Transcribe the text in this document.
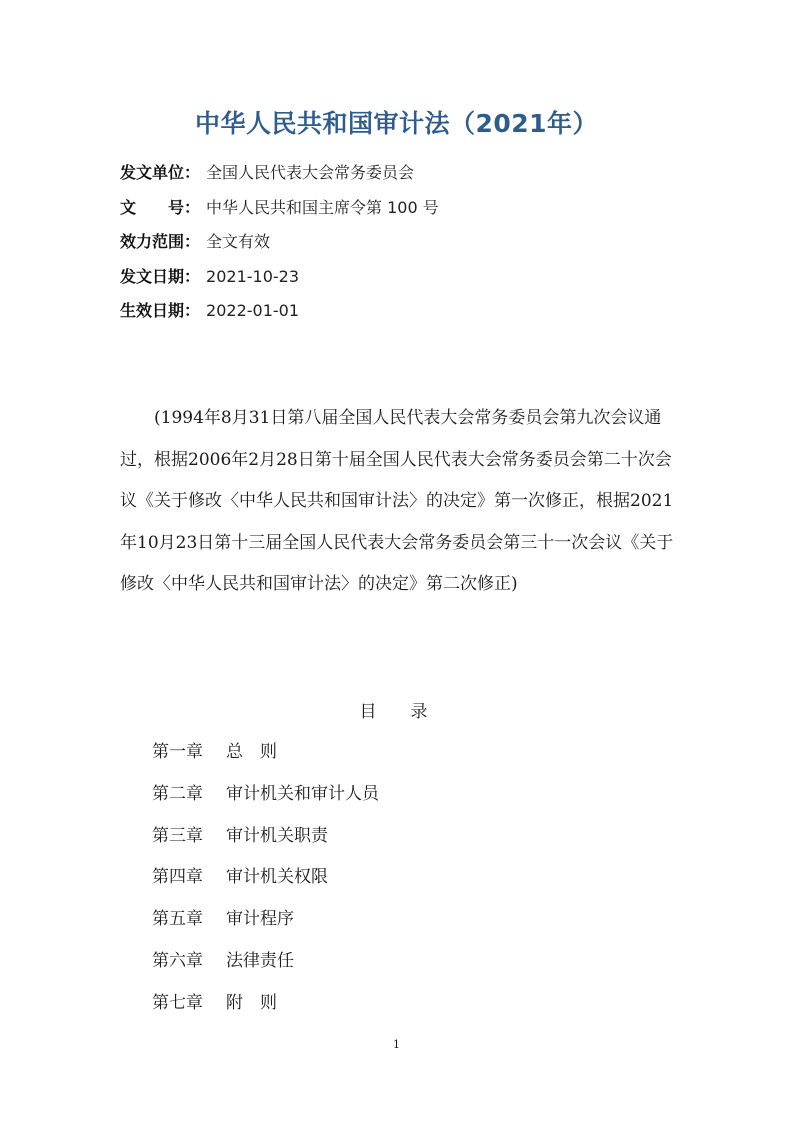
中华人民共和国审计法（2021年）
发文单位： 全国人民代表大会常务委员会
文　　号： 中华人民共和国主席令第 100 号
效力范围： 全文有效
发文日期： 2021-10-23
生效日期： 2022-01-01
(1994年8月31日第八届全国人民代表大会常务委员会第九次会议通过，根据2006年2月28日第十届全国人民代表大会常务委员会第二十次会议《关于修改〈中华人民共和国审计法〉的决定》第一次修正，根据2021年10月23日第十三届全国人民代表大会常务委员会第三十一次会议《关于修改〈中华人民共和国审计法〉的决定》第二次修正)
目录
第一章 总　则
第二章 审计机关和审计人员
第三章 审计机关职责
第四章 审计机关权限
第五章 审计程序
第六章 法律责任
第七章 附　则
1
